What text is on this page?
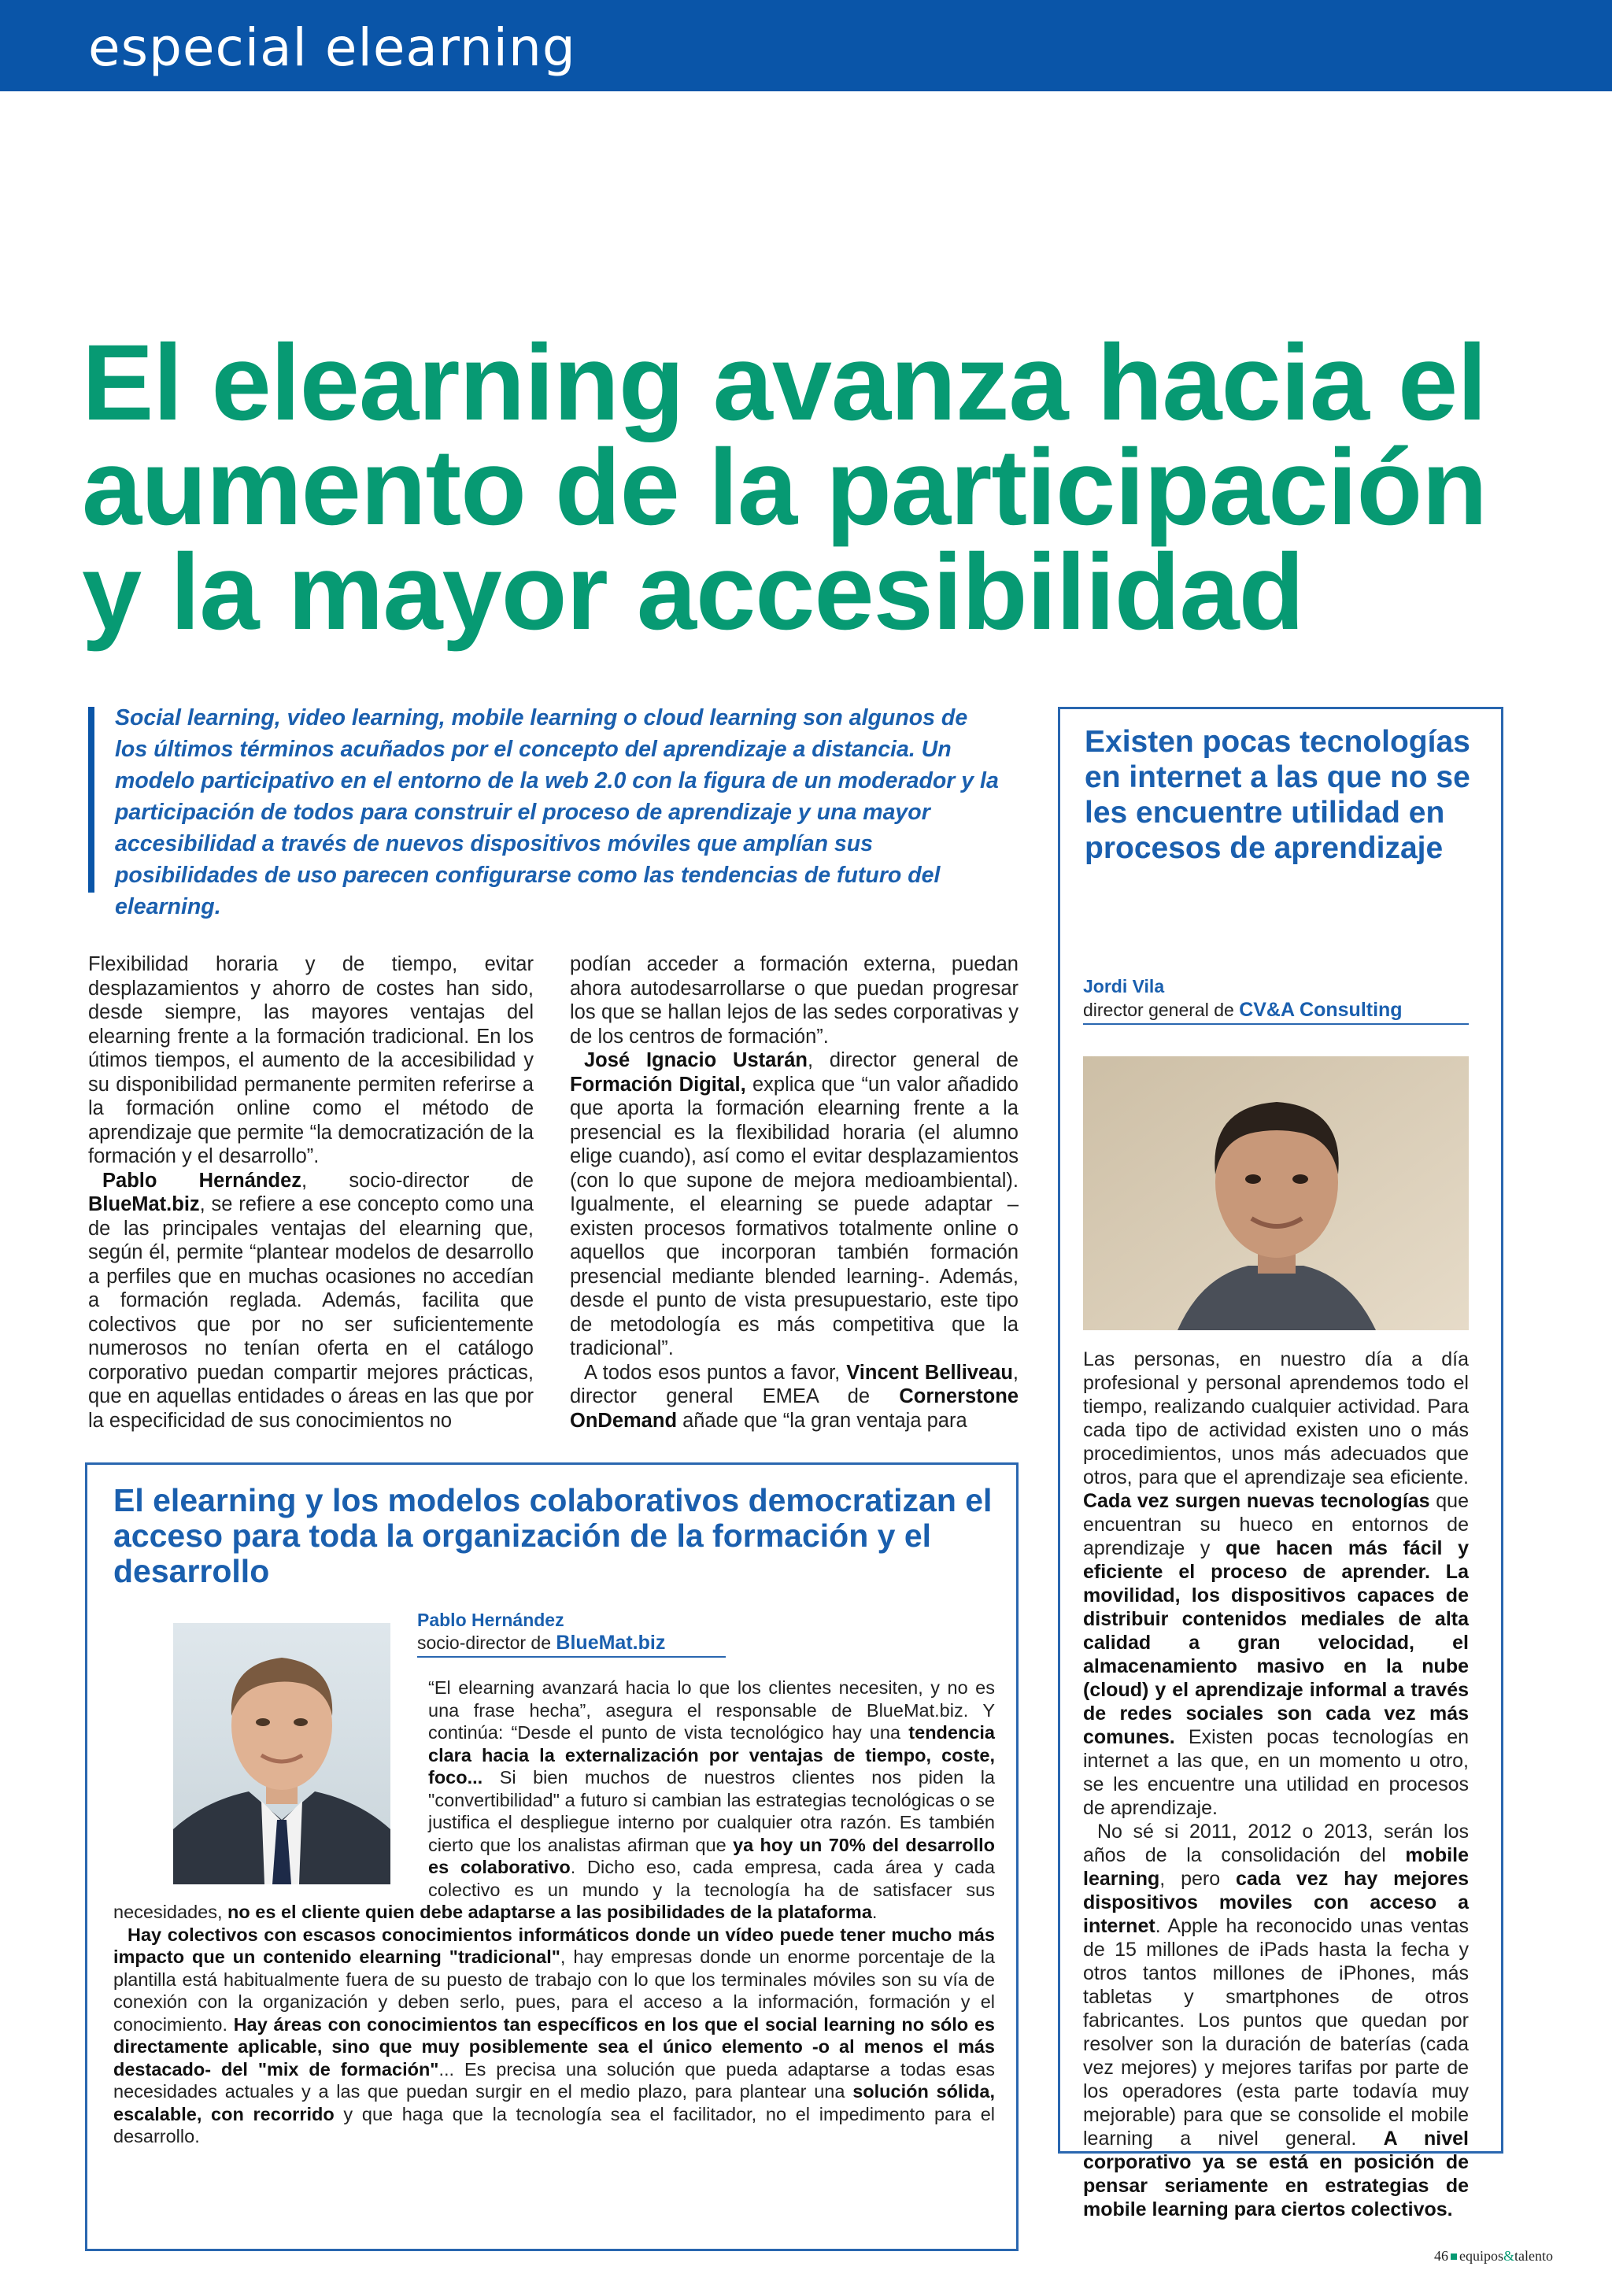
especial elearning
El elearning avanza hacia el
aumento de la participación
y la mayor accesibilidad

Social learning, video learning, mobile learning o cloud learning son algunos de los últimos términos acuñados por el concepto del aprendizaje a distancia. Un modelo participativo en el entorno de la web 2.0 con la figura de un moderador y la participación de todos para construir el proceso de aprendizaje y una mayor accesibilidad a través de nuevos dispositivos móviles que amplían sus posibilidades de uso parecen configurarse como las tendencias de futuro del elearning.

Flexibilidad horaria y de tiempo, evitar desplazamientos y ahorro de costes han sido, desde siempre, las mayores ventajas del elearning frente a la formación tradicional. En los útimos tiempos, el aumento de la accesibilidad y su disponibilidad permanente permiten referirse a la formación online como el método de aprendizaje que permite “la democratización de la formación y el desarrollo”.

Pablo Hernández, socio-director de BlueMat.biz, se refiere a ese concepto como una de las principales ventajas del elearning que, según él, permite “plantear modelos de desarrollo a perfiles que en muchas ocasiones no accedían a formación reglada. Además, facilita que colectivos que por no ser suficientemente numerosos no tenían oferta en el catálogo corporativo puedan compartir mejores prácticas, que en aquellas entidades o áreas en las que por la especificidad de sus conocimientos no

podían acceder a formación externa, puedan ahora autodesarrollarse o que puedan progresar los que se hallan lejos de las sedes corporativas y de los centros de formación”.

José Ignacio Ustarán, director general de Formación Digital, explica que “un valor añadido que aporta la formación elearning frente a la presencial es la flexibilidad horaria (el alumno elige cuando), así como el evitar desplazamientos (con lo que supone de mejora medioambiental). Igualmente, el elearning se puede adaptar –existen procesos formativos totalmente online o aquellos que incorporan también formación presencial mediante blended learning-. Además, desde el punto de vista presupuestario, este tipo de metodología es más competitiva que la tradicional”.

A todos esos puntos a favor, Vincent Belliveau, director general EMEA de Cornerstone OnDemand añade que “la gran ventaja para

El elearning y los modelos colaborativos democratizan el acceso para toda la organización de la formación y el desarrollo
Pablo Hernández
socio-director de BlueMat.biz

“El elearning avanzará hacia lo que los clientes necesiten, y no es una frase hecha”, asegura el responsable de BlueMat.biz. Y continúa: “Desde el punto de vista tecnológico hay una tendencia clara hacia la externalización por ventajas de tiempo, coste, foco... Si bien muchos de nuestros clientes nos piden la "convertibilidad" a futuro si cambian las estrategias tecnológicas o se justifica el despliegue interno por cualquier otra razón. Es también cierto que los analistas afirman que ya hoy un 70% del desarrollo es colaborativo. Dicho eso, cada empresa, cada área y cada colectivo es un mundo y la tecnología ha de satisfacer sus necesidades, no es el cliente quien debe adaptarse a las posibilidades de la plataforma.

Hay colectivos con escasos conocimientos informáticos donde un vídeo puede tener mucho más impacto que un contenido elearning "tradicional", hay empresas donde un enorme porcentaje de la plantilla está habitualmente fuera de su puesto de trabajo con lo que los terminales móviles son su vía de conexión con la organización y deben serlo, pues, para el acceso a la información, formación y el conocimiento. Hay áreas con conocimientos tan específicos en los que el social learning no sólo es directamente aplicable, sino que muy posiblemente sea el único elemento -o al menos el más destacado- del "mix de formación"... Es precisa una solución que pueda adaptarse a todas esas necesidades actuales y a las que puedan surgir en el medio plazo, para plantear una solución sólida, escalable, con recorrido y que haga que la tecnología sea el facilitador, no el impedimento para el desarrollo.

Existen pocas tecnologías en internet a las que no se les encuentre utilidad en procesos de aprendizaje
Jordi Vila
director general de CV&A Consulting

Las personas, en nuestro día a día profesional y personal aprendemos todo el tiempo, realizando cualquier actividad. Para cada tipo de actividad existen uno o más procedimientos, unos más adecuados que otros, para que el aprendizaje sea eficiente. Cada vez surgen nuevas tecnologías que encuentran su hueco en entornos de aprendizaje y que hacen más fácil y eficiente el proceso de aprender. La movilidad, los dispositivos capaces de distribuir contenidos mediales de alta calidad a gran velocidad, el almacenamiento masivo en la nube (cloud) y el aprendizaje informal a través de redes sociales son cada vez más comunes. Existen pocas tecnologías en internet a las que, en un momento u otro, se les encuentre una utilidad en procesos de aprendizaje.

No sé si 2011, 2012 o 2013, serán los años de la consolidación del mobile learning, pero cada vez hay mejores dispositivos moviles con acceso a internet. Apple ha reconocido unas ventas de 15 millones de iPads hasta la fecha y otros tantos millones de iPhones, más tabletas y smartphones de otros fabricantes. Los puntos que quedan por resolver son la duración de baterías (cada vez mejores) y mejores tarifas por parte de los operadores (esta parte todavía muy mejorable) para que se consolide el mobile learning a nivel general. A nivel corporativo ya se está en posición de pensar seriamente en estrategias de mobile learning para ciertos colectivos.

46 equipos&talento
